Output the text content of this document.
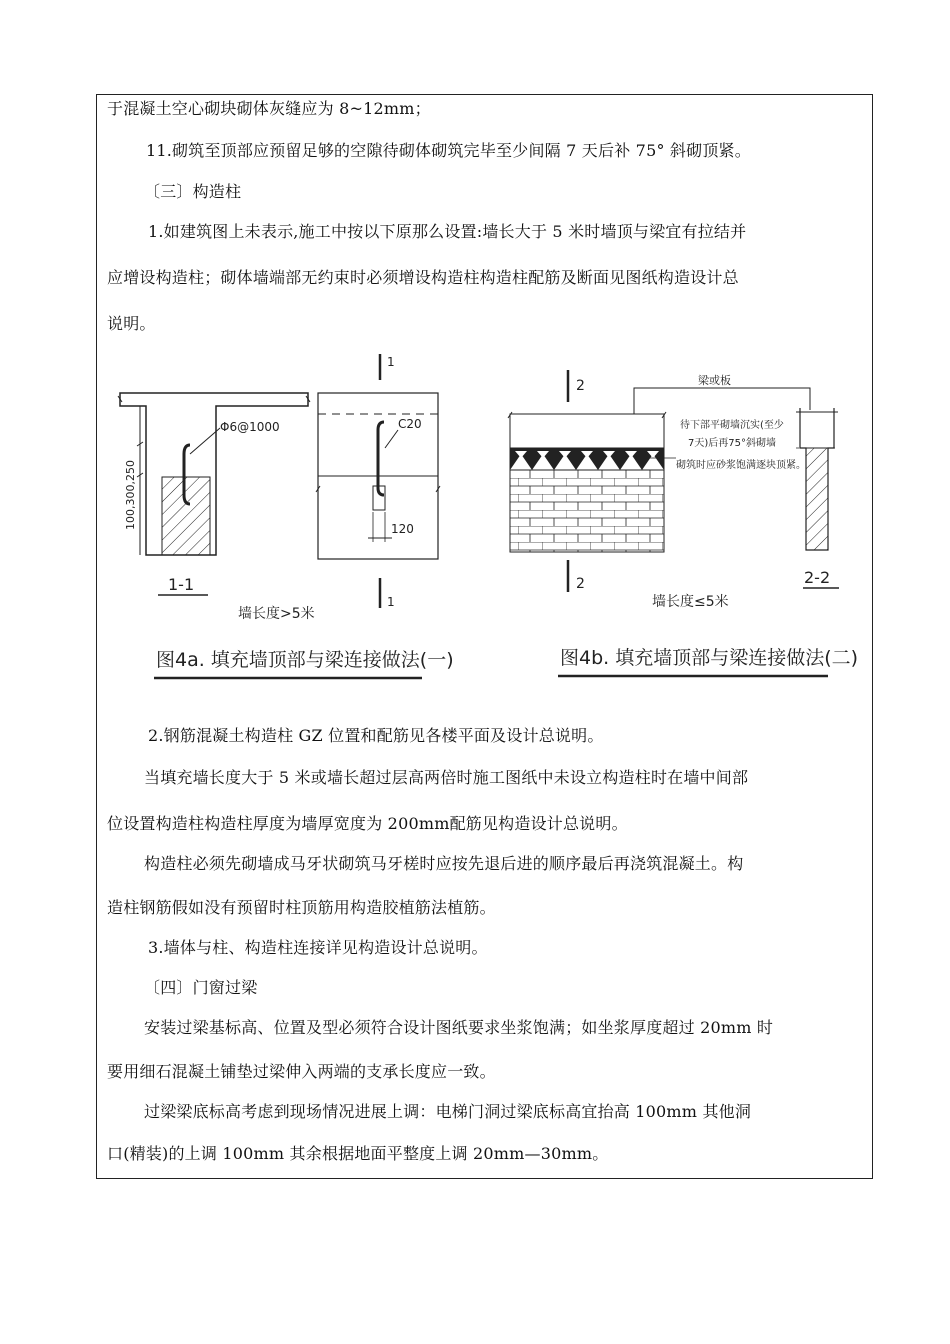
于混凝土空心砌块砌体灰缝应为 8~12mm；
11.砌筑至顶部应预留足够的空隙待砌体砌筑完毕至少间隔 7 天后补 75° 斜砌顶紧。
〔三〕构造柱
1.如建筑图上未表示,施工中按以下原那么设置:墙长大于 5 米时墙顶与梁宜有拉结并
应增设构造柱；砌体墙端部无约束时必须增设构造柱构造柱配筋及断面见图纸构造设计总
说明。
Φ6@1000
100,300,250
1-1
C20
120
1
1
墙长度>5米
图4a. 填充墙顶部与梁连接做法(一)
2
2
梁或板
待下部平砌墙沉实(至少
7天)后再75°斜砌墙
砌筑时应砂浆饱满逐块顶紧。
2-2
墙长度≤5米
图4b. 填充墙顶部与梁连接做法(二)
2.钢筋混凝土构造柱 GZ 位置和配筋见各楼平面及设计总说明。
当填充墙长度大于 5 米或墙长超过层高两倍时施工图纸中未设立构造柱时在墙中间部
位设置构造柱构造柱厚度为墙厚宽度为 200mm配筋见构造设计总说明。
构造柱必须先砌墙成马牙状砌筑马牙槎时应按先退后进的顺序最后再浇筑混凝土。构
造柱钢筋假如没有预留时柱顶筋用构造胶植筋法植筋。
3.墙体与柱、构造柱连接详见构造设计总说明。
〔四〕门窗过梁
安装过梁基标高、位置及型必须符合设计图纸要求坐浆饱满；如坐浆厚度超过 20mm 时
要用细石混凝土铺垫过梁伸入两端的支承长度应一致。
过梁梁底标高考虑到现场情况进展上调：电梯门洞过梁底标高宜抬高 100mm 其他洞
口(精装)的上调 100mm 其余根据地面平整度上调 20mm—30mm。
